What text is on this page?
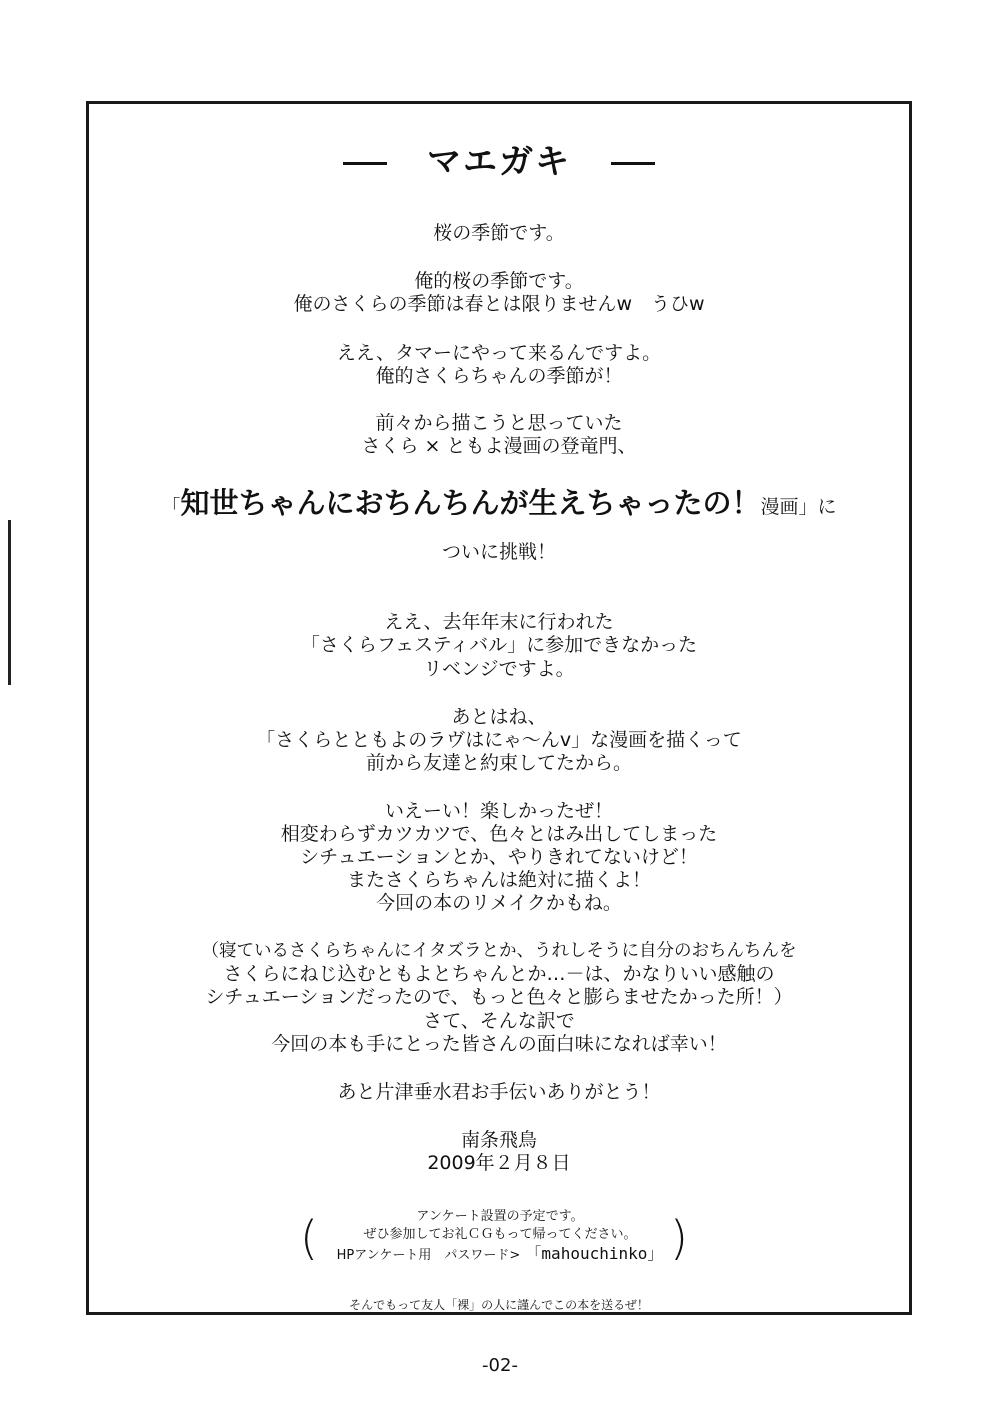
マエガキ
桜の季節です。
俺的桜の季節です。
俺のさくらの季節は春とは限りませんw　うひw
ええ、タマーにやって来るんですよ。
俺的さくらちゃんの季節が！
前々から描こうと思っていた
さくら × ともよ漫画の登竜門、
「知世ちゃんにおちんちんが生えちゃったの！漫画」に
ついに挑戦！
ええ、去年年末に行われた
「さくらフェスティバル」に参加できなかった
リベンジですよ。
あとはね、
「さくらとともよのラヴはにゃ～んv」な漫画を描くって
前から友達と約束してたから。
いえーい！楽しかったぜ！
相変わらずカツカツで、色々とはみ出してしまった
シチュエーションとか、やりきれてないけど！
またさくらちゃんは絶対に描くよ！
今回の本のリメイクかもね。
（寝ているさくらちゃんにイタズラとか、うれしそうに自分のおちんちんを
さくらにねじ込むともよとちゃんとか…－は、かなりいい感触の
シチュエーションだったので、もっと色々と膨らませたかった所！）
さて、そんな訳で
今回の本も手にとった皆さんの面白味になれば幸い！
あと片津垂水君お手伝いありがとう！
南条飛鳥
2009年２月８日
(	)
アンケート設置の予定です。
ぜひ参加してお礼ＣＧもって帰ってください。
HPアンケート用　パスワード> 「mahouchinko」
そんでもって友人「裸」の人に謹んでこの本を送るぜ！
-02-
